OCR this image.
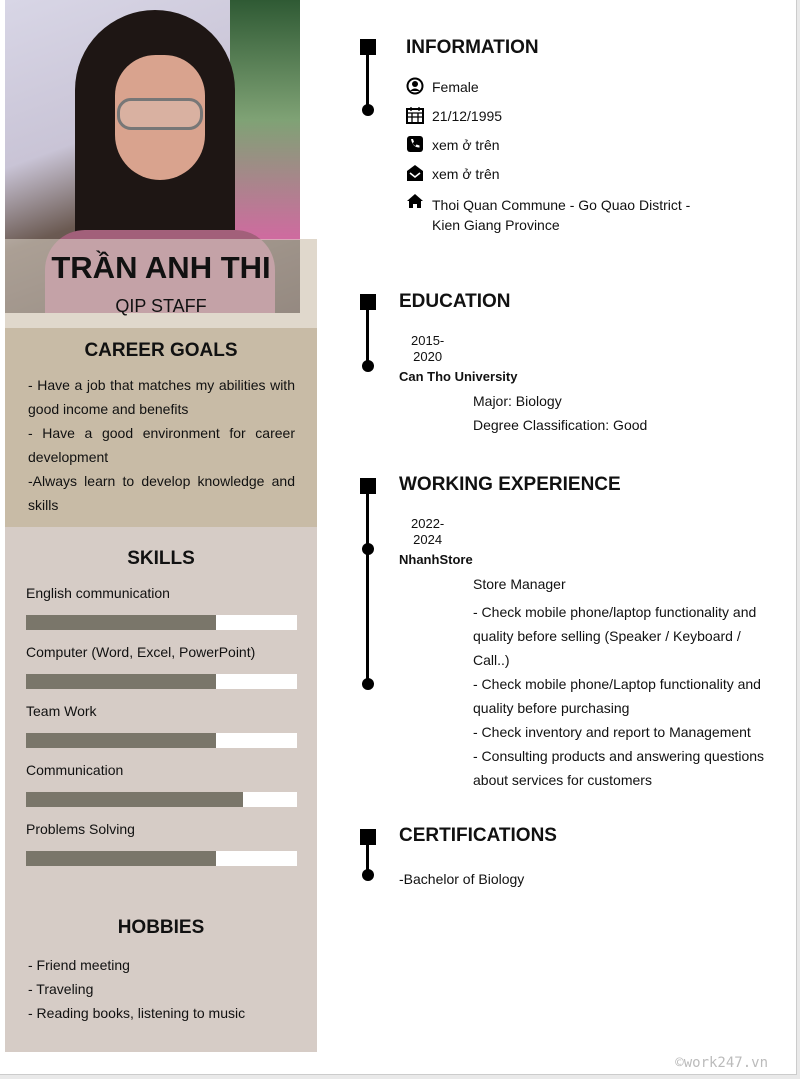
TRẦN ANH THI
QIP STAFF
CAREER GOALS
- Have a job that matches my abilities with good income and benefits
- Have a good environment for career development
-Always learn to develop knowledge and skills
SKILLS
English communication
Computer (Word, Excel, PowerPoint)
Team Work
Communication
Problems Solving
HOBBIES
- Friend meeting
- Traveling
- Reading books, listening to music
INFORMATION
Female
21/12/1995
xem ở trên
xem ở trên
Thoi Quan Commune - Go Quao District -
Kien Giang Province
EDUCATION
2015-
2020
Can Tho University
Major: Biology
Degree Classification: Good
WORKING EXPERIENCE
2022-
2024
NhanhStore
Store Manager
- Check mobile phone/laptop functionality and
quality before selling (Speaker / Keyboard /
Call..)
- Check mobile phone/Laptop functionality and
quality before purchasing
- Check inventory and report to Management
- Consulting products and answering questions
about services for customers
CERTIFICATIONS
-Bachelor of Biology
©work247.vn
